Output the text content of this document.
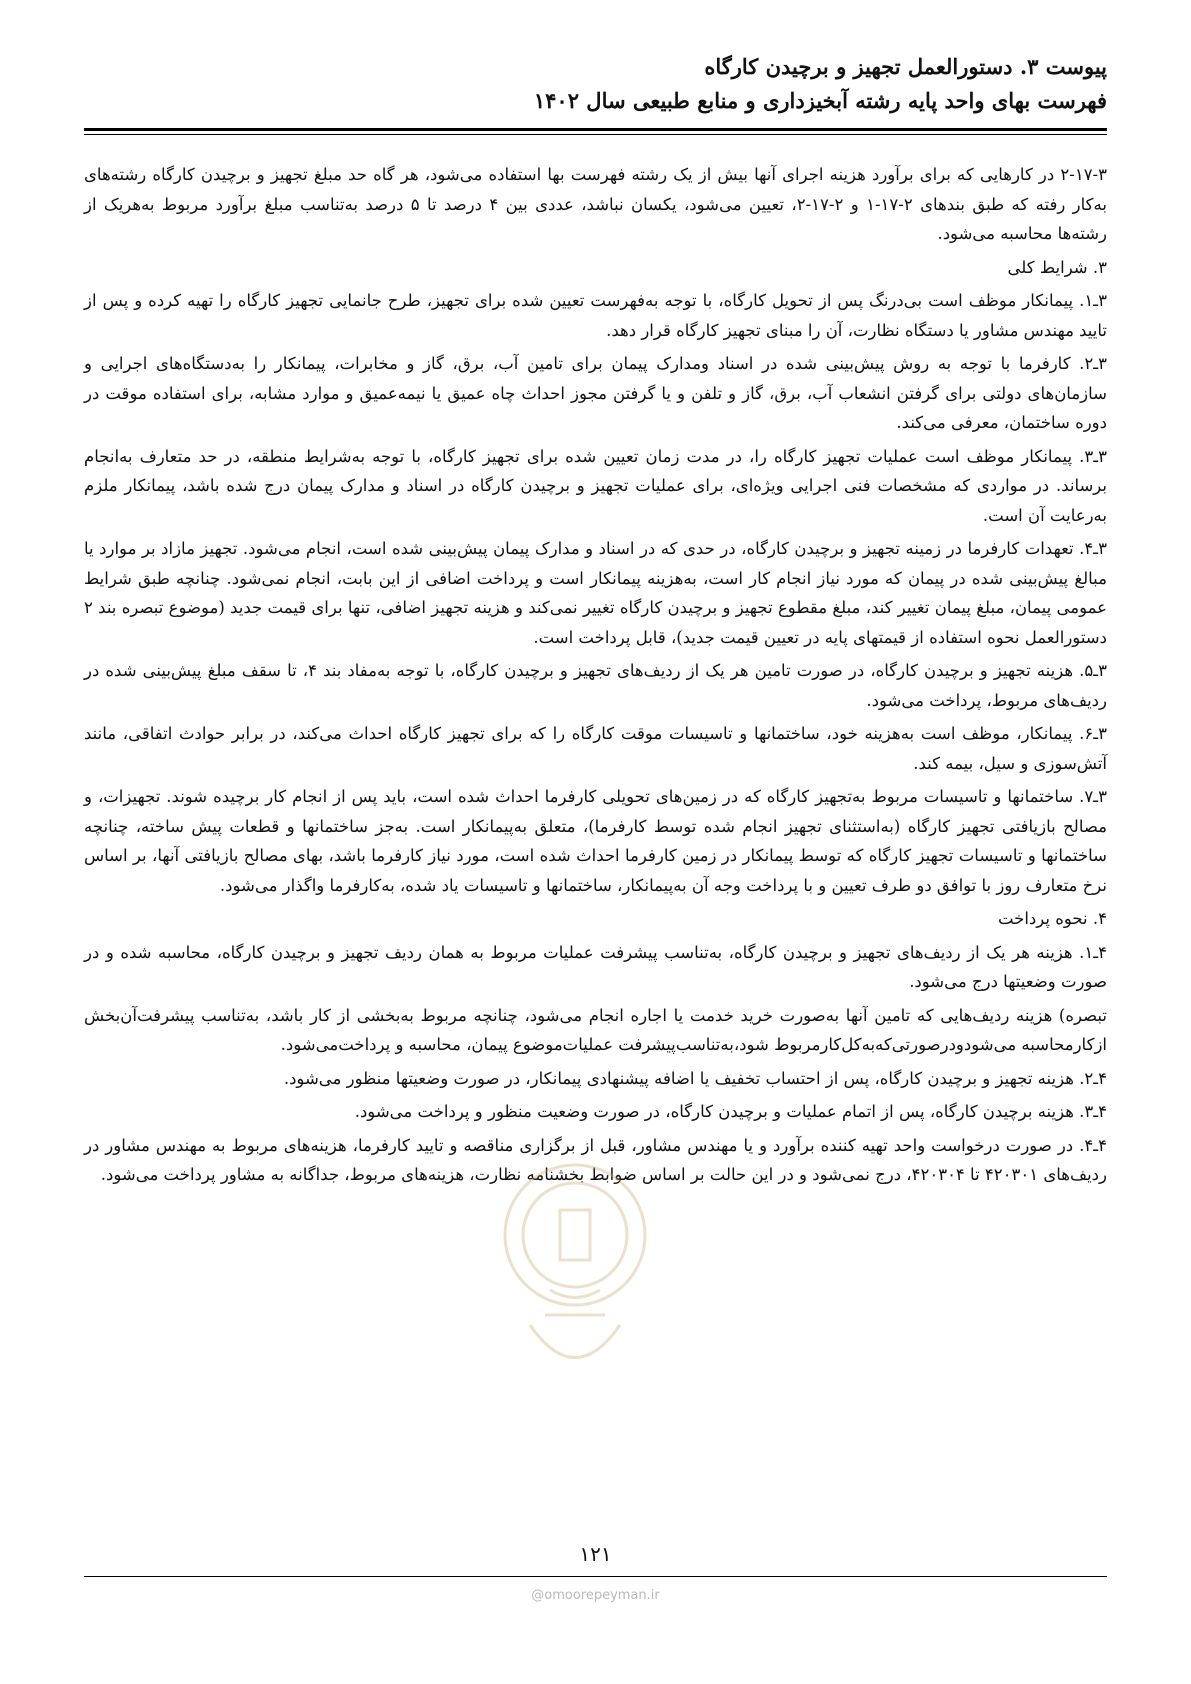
پیوست ۳. دستورالعمل تجهیز و برچیدن کارگاه
فهرست بهای واحد پایه رشته آبخیزداری و منابع طبیعی سال ۱۴۰۲

۲-۱۷-۳ در کارهایی که برای برآورد هزینه اجرای آنها بیش از یک رشته فهرست بها استفاده می‌شود، هر گاه حد مبلغ تجهیز و برچیدن کارگاه رشته‌های به‌کار رفته که طبق بندهای ۲-۱۷-۱ و ۲-۱۷-۲، تعیین می‌شود، یکسان نباشد، عددی بین ۴ درصد تا ۵ درصد به‌تناسب مبلغ برآورد مربوط به‌هریک از رشته‌ها محاسبه می‌شود.

۳. شرایط کلی

۳ـ۱. پیمانکار موظف است بی‌درنگ پس از تحویل کارگاه، با توجه به‌فهرست تعیین شده برای تجهیز، طرح جانمایی تجهیز کارگاه را تهیه کرده و پس از تایید مهندس مشاور یا دستگاه نظارت، آن را مبنای تجهیز کارگاه قرار دهد.

۳ـ۲. کارفرما با توجه به روش پیش‌بینی شده در اسناد ومدارک پیمان برای تامین آب، برق، گاز و مخابرات، پیمانکار را به‌دستگاه‌های اجرایی و سازمان‌های دولتی برای گرفتن انشعاب آب، برق، گاز و تلفن و یا گرفتن مجوز احداث چاه عمیق یا نیمه‌عمیق و موارد مشابه، برای استفاده موقت در دوره ساختمان، معرفی می‌کند.

۳ـ۳. پیمانکار موظف است عملیات تجهیز کارگاه را، در مدت زمان تعیین شده برای تجهیز کارگاه، با توجه به‌شرایط منطقه، در حد متعارف به‌انجام برساند. در مواردی که مشخصات فنی اجرایی ویژه‌ای، برای عملیات تجهیز و برچیدن کارگاه در اسناد و مدارک پیمان درج شده باشد، پیمانکار ملزم به‌رعایت آن است.

۳ـ۴. تعهدات کارفرما در زمینه تجهیز و برچیدن کارگاه، در حدی که در اسناد و مدارک پیمان پیش‌بینی شده است، انجام می‌شود. تجهیز مازاد بر موارد یا مبالغ پیش‌بینی شده در پیمان که مورد نیاز انجام کار است، به‌هزینه پیمانکار است و پرداخت اضافی از این بابت، انجام نمی‌شود. چنانچه طبق شرایط عمومی پیمان، مبلغ پیمان تغییر کند، مبلغ مقطوع تجهیز و برچیدن کارگاه تغییر نمی‌کند و هزینه تجهیز اضافی، تنها برای قیمت جدید (موضوع تبصره بند ۲ دستورالعمل نحوه استفاده از قیمتهای پایه در تعیین قیمت جدید)، قابل پرداخت است.

۳ـ۵. هزینه تجهیز و برچیدن کارگاه، در صورت تامین هر یک از ردیف‌های تجهیز و برچیدن کارگاه، با توجه به‌مفاد بند ۴، تا سقف مبلغ پیش‌بینی شده در ردیف‌های مربوط، پرداخت می‌شود.

۳ـ۶. پیمانکار، موظف است به‌هزینه خود، ساختمانها و تاسیسات موقت کارگاه را که برای تجهیز کارگاه احداث می‌کند، در برابر حوادث اتفاقی، مانند آتش‌سوزی و سیل، بیمه کند.

۳ـ۷. ساختمانها و تاسیسات مربوط به‌تجهیز کارگاه که در زمین‌های تحویلی کارفرما احداث شده است، باید پس از انجام کار برچیده شوند. تجهیزات، و مصالح بازیافتی تجهیز کارگاه (به‌استثنای تجهیز انجام شده توسط کارفرما)، متعلق به‌پیمانکار است. به‌جز ساختمانها و قطعات پیش ساخته، چنانچه ساختمانها و تاسیسات تجهیز کارگاه که توسط پیمانکار در زمین کارفرما احداث شده است، مورد نیاز کارفرما باشد، بهای مصالح بازیافتی آنها، بر اساس نرخ متعارف روز با توافق دو طرف تعیین و با پرداخت وجه آن به‌پیمانکار، ساختمانها و تاسیسات یاد شده، به‌کارفرما واگذار می‌شود.

۴. نحوه پرداخت

۴ـ۱. هزینه هر یک از ردیف‌های تجهیز و برچیدن کارگاه، به‌تناسب پیشرفت عملیات مربوط به همان ردیف تجهیز و برچیدن کارگاه، محاسبه شده و در صورت وضعیتها درج می‌شود.

تبصره) هزینه ردیف‌هایی که تامین آنها به‌صورت خرید خدمت یا اجاره انجام می‌شود، چنانچه مربوط به‌بخشی از کار باشد، به‌تناسب پیشرفت‌آن‌بخش ازکارمحاسبه می‌شودودرصورتی‌که‌به‌کل‌کارمربوط شود،به‌تناسب‌پیشرفت عملیات‌موضوع پیمان، محاسبه و پرداخت‌می‌شود.

۴ـ۲. هزینه تجهیز و برچیدن کارگاه، پس از احتساب تخفیف یا اضافه پیشنهادی پیمانکار، در صورت وضعیتها منظور می‌شود.

۴ـ۳. هزینه برچیدن کارگاه، پس از اتمام عملیات و برچیدن کارگاه، در صورت وضعیت منظور و پرداخت می‌شود.

۴ـ۴. در صورت درخواست واحد تهیه کننده برآورد و یا مهندس مشاور، قبل از برگزاری مناقصه و تایید کارفرما، هزینه‌های مربوط به مهندس مشاور در ردیف‌های ۴۲۰۳۰۱ تا ۴۲۰۳۰۴، درج نمی‌شود و در این حالت بر اساس ضوابط بخشنامه نظارت، هزینه‌های مربوط، جداگانه به مشاور پرداخت می‌شود.

۱۲۱
@omoorepeyman.ir
